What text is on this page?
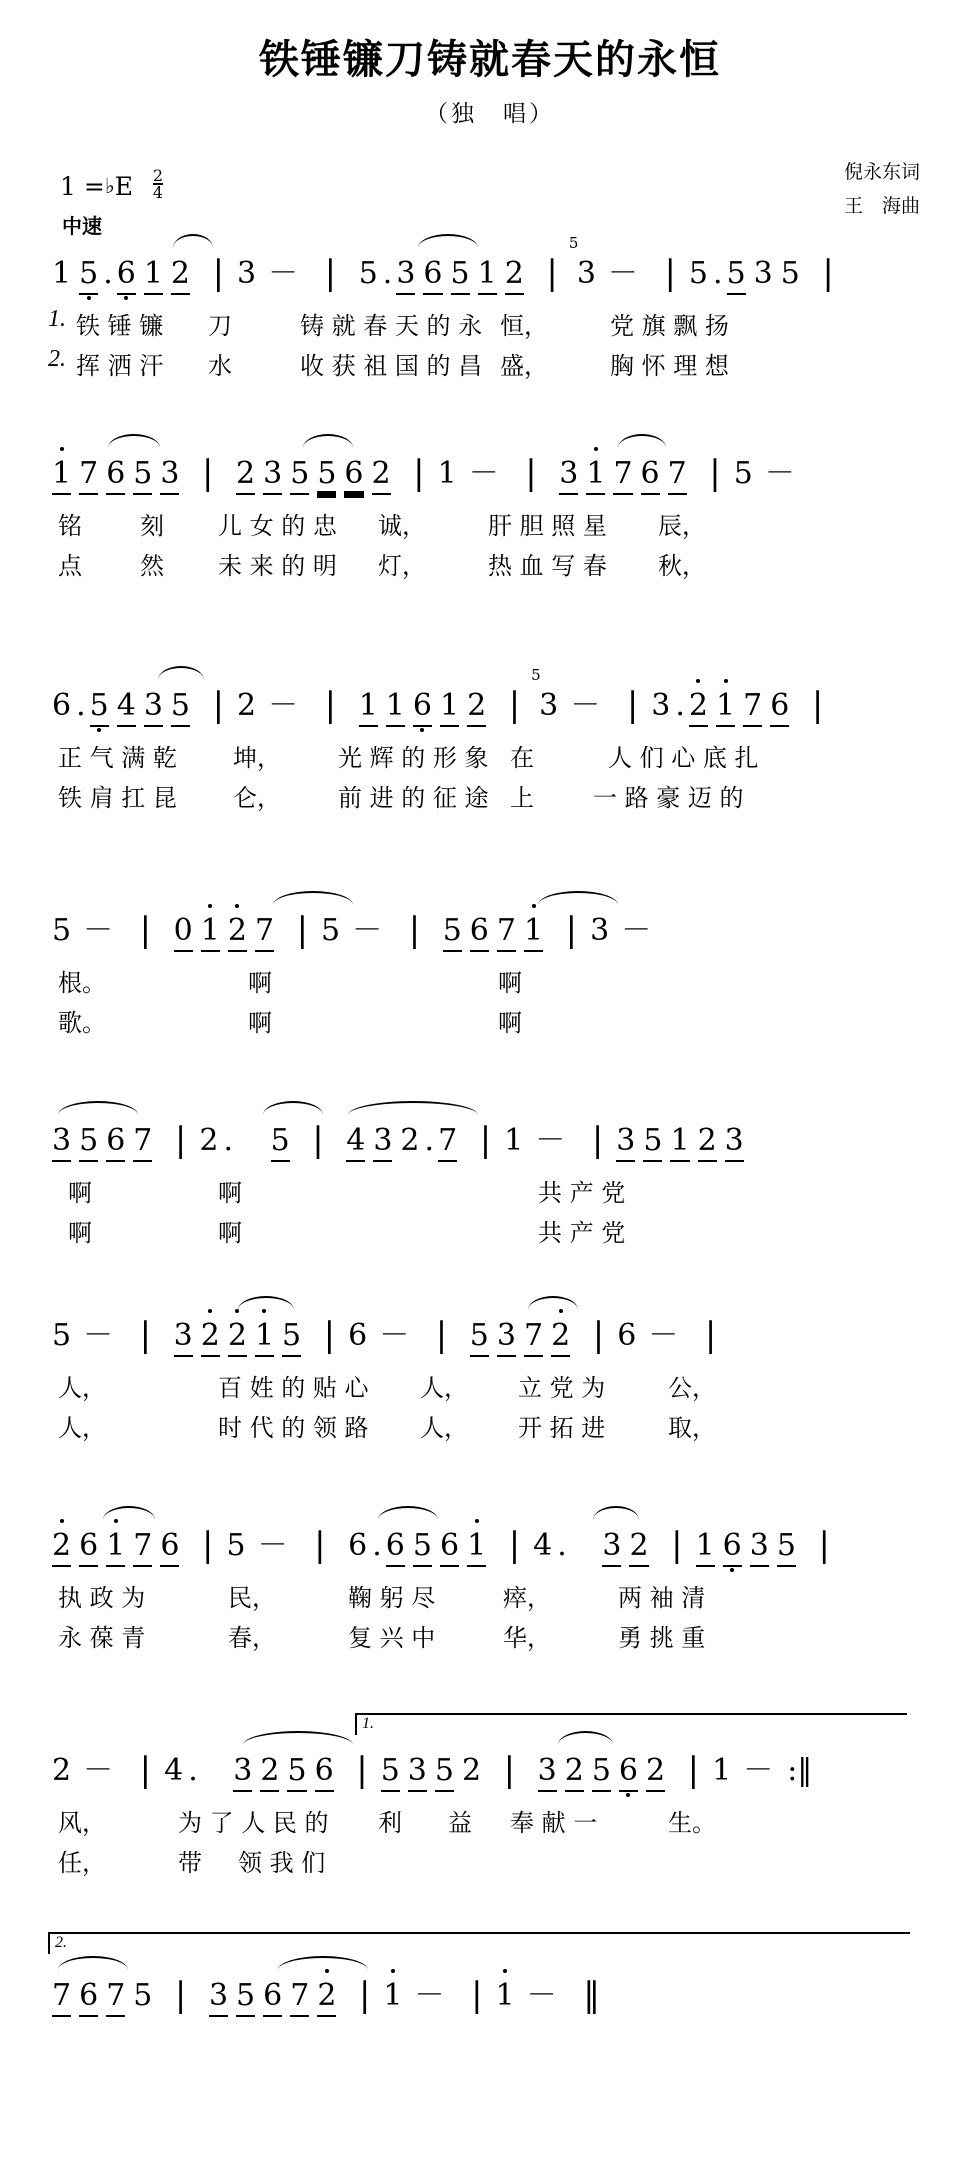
铁锤镰刀铸就春天的永恒
（独　唱）
倪永东词
王　海曲
1 =♭E $\frac{2}{4}$
中速
1 5 . 6 1 2 | 3 － | 5 . 3 6 5 1 2 |
5
3 － | 5 . 5 3 5 |
1. 铁 锤 镰 刀	铸 就 春 天 的 永 恒，	党 旗 飘 扬
2. 挥 洒 汗 水	收 获 祖 国 的 昌 盛，	胸 怀 理 想
1 7 6 5 3 | 2 3 5 5 6 2 | 1 － | 3 1 7 6 7 | 5 －
铭 刻 儿 女 的 忠 诚，	肝 胆 照 星 辰，
点 然 未 来 的 明 灯，	热 血 写 春 秋，
6 . 5 4 3 5 | 2 － | 1 1 6 1 2 |
5
3 － | 3 . 2 1 7 6 |
正 气 满 乾 坤， 光 辉 的 形 象 在	人 们 心 底 扎
铁 肩 扛 昆 仑， 前 进 的 征 途 上 一 路 豪 迈 的
5 － | 0 1 2 7 | 5 － | 5 6 7 1 | 3 －
根。	啊	啊
歌。	啊	啊
3 5 6 7 | 2 . 5 | 4 3 2 . 7 | 1 － | 3 5 1 2 3
啊	啊	共 产 党
啊	啊	共 产 党
5 － | 3 2 2 1 5 | 6 － | 5 3 7 2 | 6 － |
人，	百 姓 的 贴 心 人， 立 党 为	公，
人，	时 代 的 领 路 人， 开 拓 进	取，
2 6 1 7 6 | 5 － | 6 . 6 5 6 1 | 4 . 3 2 | 1 6 3 5 |
执 政 为	民，	鞠 躬 尽	瘁，	两 袖 清
永 葆 青	春，	复 兴 中	华，	勇 挑 重
1.
2 － | 4 . 3 2 5 6 | 5 3 5 2 | 3 2 5 6 2 | 1 － :‖
风，	为 了 人 民 的 利 益 奉 献 一	生。
任，	带 领 我 们
2.
7 6 7 5 | 3 5 6 7 2 | 1 － | 1 － ‖
